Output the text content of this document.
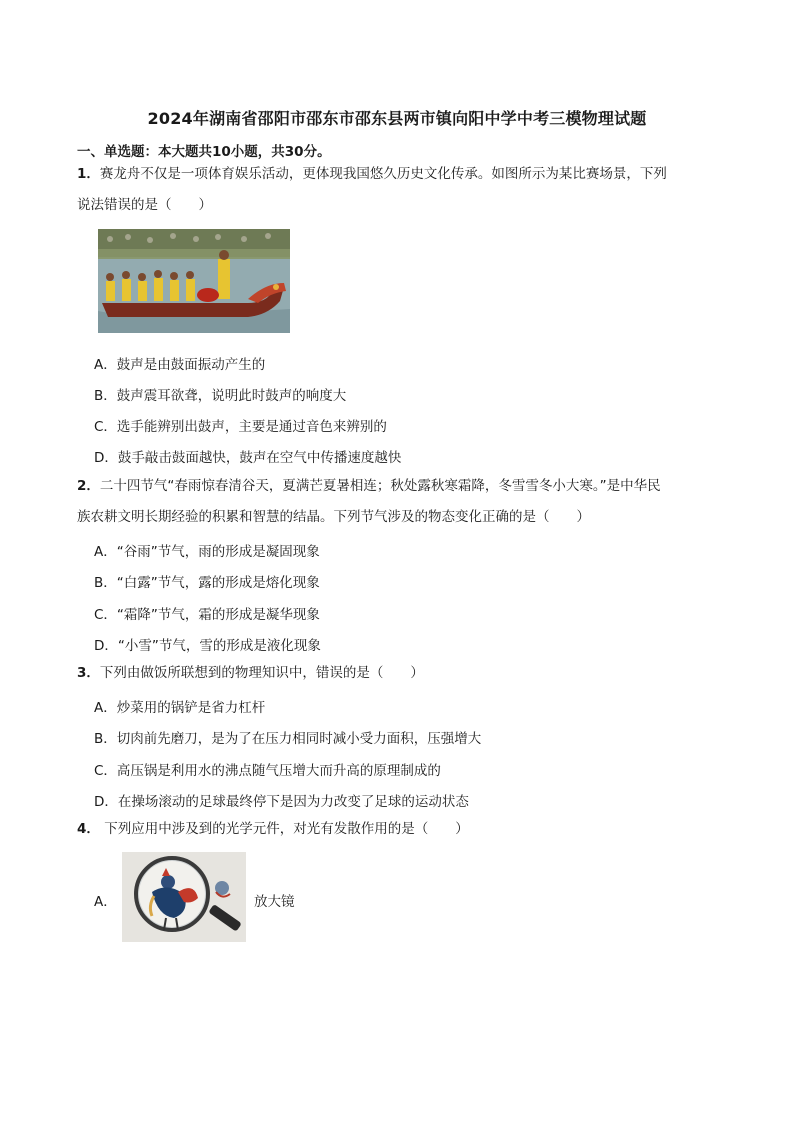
2024年湖南省邵阳市邵东市邵东县两市镇向阳中学中考三模物理试题
一、单选题：本大题共10小题，共30分。
1．赛龙舟不仅是一项体育娱乐活动，更体现我国悠久历史文化传承。如图所示为某比赛场景，下列
说法错误的是（　　）
A．鼓声是由鼓面振动产生的
B．鼓声震耳欲聋，说明此时鼓声的响度大
C．选手能辨别出鼓声，主要是通过音色来辨别的
D．鼓手敲击鼓面越快，鼓声在空气中传播速度越快
2．二十四节气“春雨惊春清谷天，夏满芒夏暑相连；秋处露秋寒霜降，冬雪雪冬小大寒。”是中华民
族农耕文明长期经验的积累和智慧的结晶。下列节气涉及的物态变化正确的是（　　）
A．“谷雨”节气，雨的形成是凝固现象
B．“白露”节气，露的形成是熔化现象
C．“霜降”节气，霜的形成是凝华现象
D．“小雪”节气，雪的形成是液化现象
3．下列由做饭所联想到的物理知识中，错误的是（　　）
A．炒菜用的锅铲是省力杠杆
B．切肉前先磨刀，是为了在压力相同时减小受力面积，压强增大
C．高压锅是利用水的沸点随气压增大而升高的原理制成的
D．在操场滚动的足球最终停下是因为力改变了足球的运动状态
4． 下列应用中涉及到的光学元件，对光有发散作用的是（　　）
A．	放大镜
